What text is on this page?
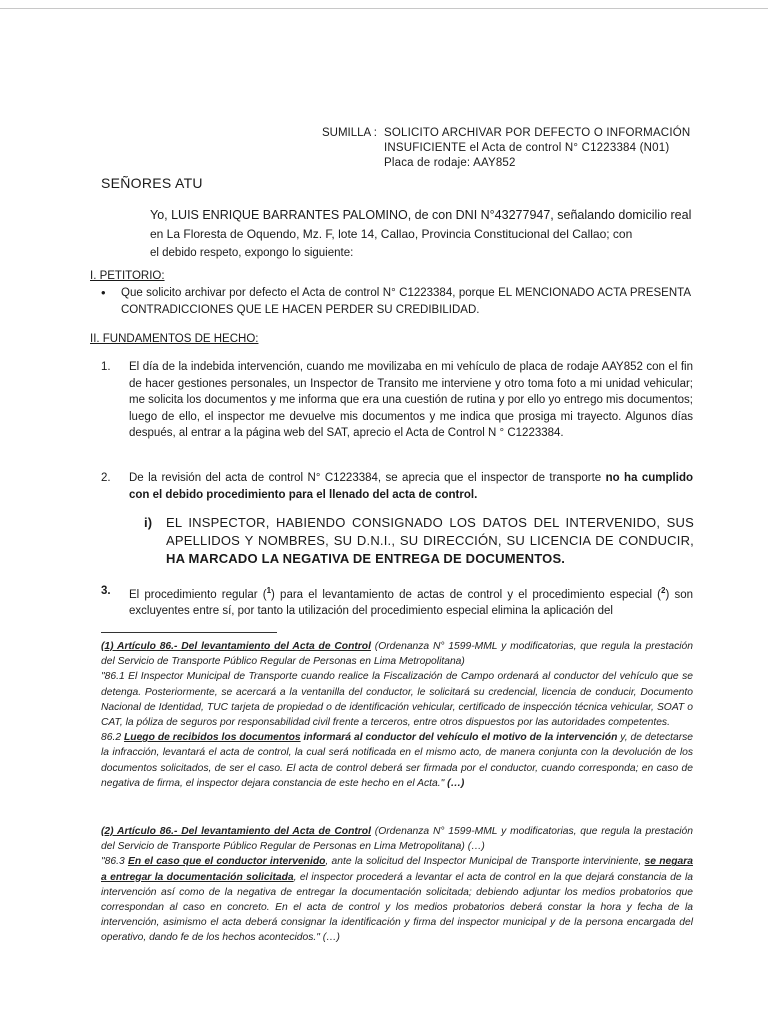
SUMILLA : SOLICITO ARCHIVAR POR DEFECTO O INFORMACIÓN
INSUFICIENTE el Acta de control N° C1223384 (N01)
Placa de rodaje: AAY852
SEÑORES ATU
Yo, LUIS ENRIQUE BARRANTES PALOMINO, de con DNI N°43277947, señalando domicilio real
en La Floresta de Oquendo, Mz. F, lote 14, Callao, Provincia Constitucional del Callao; con
el debido respeto, expongo lo siguiente:
I. PETITORIO:
•	Que solicito archivar por defecto el Acta de control N° C1223384, porque EL MENCIONADO ACTA PRESENTA CONTRADICCIONES QUE LE HACEN PERDER SU CREDIBILIDAD.
II. FUNDAMENTOS DE HECHO:
1.	El día de la indebida intervención, cuando me movilizaba en mi vehículo de placa de rodaje AAY852 con el fin de hacer gestiones personales, un Inspector de Transito me interviene y otro toma foto a mi unidad vehicular; me solicita los documentos y me informa que era una cuestión de rutina y por ello yo entrego mis documentos; luego de ello, el inspector me devuelve mis documentos y me indica que prosiga mi trayecto. Algunos días después, al entrar a la página web del SAT, aprecio el Acta de Control N ° C1223384.
2.	De la revisión del acta de control N° C1223384, se aprecia que el inspector de transporte no ha cumplido con el debido procedimiento para el llenado del acta de control.
i)	EL INSPECTOR, HABIENDO CONSIGNADO LOS DATOS DEL INTERVENIDO, SUS APELLIDOS Y NOMBRES, SU D.N.I., SU DIRECCIÓN, SU LICENCIA DE CONDUCIR, HA MARCADO LA NEGATIVA DE ENTREGA DE DOCUMENTOS.
3.	El procedimiento regular ($^1$) para el levantamiento de actas de control y el procedimiento especial ($^2$) son excluyentes entre sí, por tanto la utilización del procedimiento especial elimina la aplicación del

(1) Artículo 86.- Del levantamiento del Acta de Control (Ordenanza N° 1599-MML y modificatorias, que regula la prestación del Servicio de Transporte Público Regular de Personas en Lima Metropolitana)

"86.1 El Inspector Municipal de Transporte cuando realice la Fiscalización de Campo ordenará al conductor del vehículo que se detenga. Posteriormente, se acercará a la ventanilla del conductor, le solicitará su credencial, licencia de conducir, Documento Nacional de Identidad, TUC tarjeta de propiedad o de identificación vehicular, certificado de inspección técnica vehicular, SOAT o CAT, la póliza de seguros por responsabilidad civil frente a terceros, entre otros dispuestos por las autoridades competentes.

86.2 Luego de recibidos los documentos informará al conductor del vehículo el motivo de la intervención y, de detectarse la infracción, levantará el acta de control, la cual será notificada en el mismo acto, de manera conjunta con la devolución de los documentos solicitados, de ser el caso. El acta de control deberá ser firmada por el conductor, cuando corresponda; en caso de negativa de firma, el inspector dejara constancia de este hecho en el Acta." (…)

(2) Artículo 86.- Del levantamiento del Acta de Control (Ordenanza N° 1599-MML y modificatorias, que regula la prestación del Servicio de Transporte Público Regular de Personas en Lima Metropolitana) (…)

"86.3 En el caso que el conductor intervenido, ante la solicitud del Inspector Municipal de Transporte interviniente, se negara a entregar la documentación solicitada, el inspector procederá a levantar el acta de control en la que dejará constancia de la intervención así como de la negativa de entregar la documentación solicitada; debiendo adjuntar los medios probatorios que correspondan al caso en concreto. En el acta de control y los medios probatorios deberá constar la hora y fecha de la intervención, asimismo el acta deberá consignar la identificación y firma del inspector municipal y de la persona encargada del operativo, dando fe de los hechos acontecidos." (…)
